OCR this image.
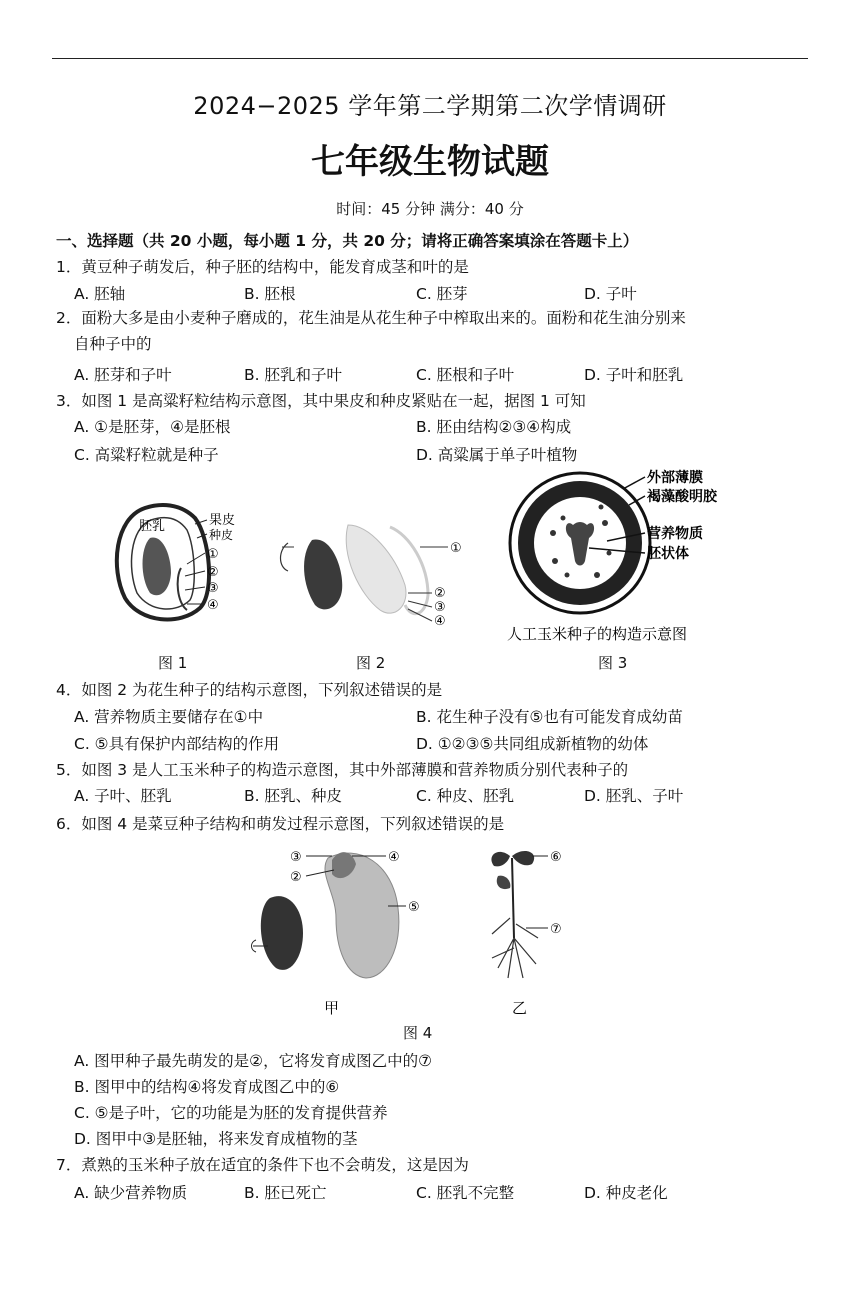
2024−2025 学年第二学期第二次学情调研
七年级生物试题
时间：45 分钟 满分：40 分
一、选择题（共 20 小题，每小题 1 分，共 20 分；请将正确答案填涂在答题卡上）
1．黄豆种子萌发后，种子胚的结构中，能发育成茎和叶的是
A. 胚轴	B. 胚根	C. 胚芽	D. 子叶
2．面粉大多是由小麦种子磨成的，花生油是从花生种子中榨取出来的。面粉和花生油分别来
自种子中的
A. 胚芽和子叶	B. 胚乳和子叶	C. 胚根和子叶	D. 子叶和胚乳
3．如图 1 是高粱籽粒结构示意图，其中果皮和种皮紧贴在一起，据图 1 可知
A. ①是胚芽，④是胚根	B. 胚由结构②③④构成
C. 高粱籽粒就是种子	D. 高粱属于单子叶植物
胚乳	果皮
种皮
①
②
③
④
图 1
①
②
③
④
图 2
外部薄膜
褐藻酸明胶
营养物质
胚状体
人工玉米种子的构造示意图
图 3
4．如图 2 为花生种子的结构示意图，下列叙述错误的是
A. 营养物质主要储存在①中	B. 花生种子没有⑤也有可能发育成幼苗
C. ⑤具有保护内部结构的作用	D. ①②③⑤共同组成新植物的幼体
5．如图 3 是人工玉米种子的构造示意图，其中外部薄膜和营养物质分别代表种子的
A. 子叶、胚乳	B. 胚乳、种皮	C. 种皮、胚乳	D. 胚乳、子叶
6．如图 4 是菜豆种子结构和萌发过程示意图，下列叙述错误的是
③
②
④
⑤
甲
⑥
⑦
乙
图 4
A. 图甲种子最先萌发的是②，它将发育成图乙中的⑦
B. 图甲中的结构④将发育成图乙中的⑥
C. ⑤是子叶，它的功能是为胚的发育提供营养
D. 图甲中③是胚轴，将来发育成植物的茎
7．煮熟的玉米种子放在适宜的条件下也不会萌发，这是因为
A. 缺少营养物质	B. 胚已死亡	C. 胚乳不完整	D. 种皮老化
